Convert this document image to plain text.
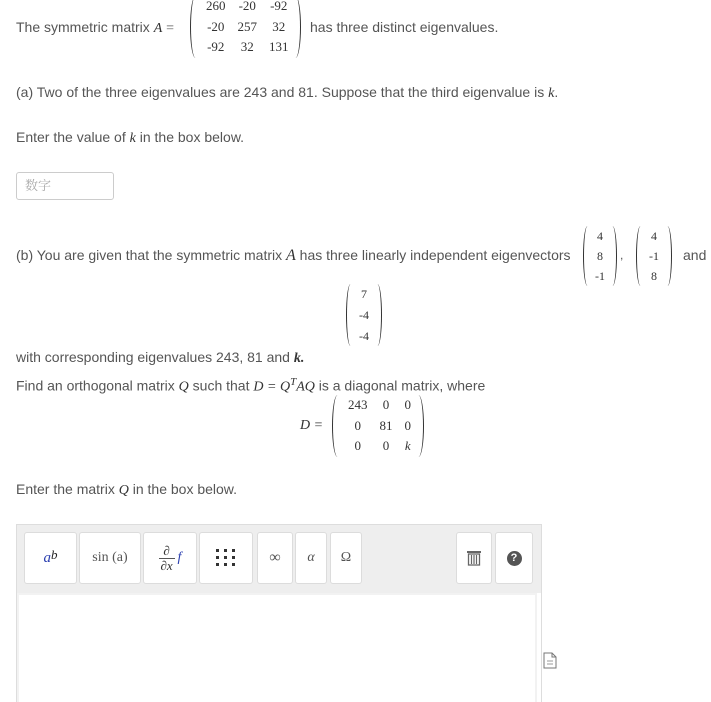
The symmetric matrix A =
260	-20	-92
-20	257	32
-92	32	131
has three distinct eigenvalues.
(a) Two of the three eigenvalues are 243 and 81. Suppose that the third eigenvalue is k.
Enter the value of k in the box below.
数字
(b) You are given that the symmetric matrix A has three linearly independent eigenvectors
4
8
-1
,
4
-1
8
and
7
-4
-4
with corresponding eigenvalues 243, 81 and k.
Find an orthogonal matrix Q such that $D = Q^TAQ$ is a diagonal matrix, where
D =
243	0	0
0	81	0
0	0	k
Enter the matrix Q in the box below.
$a^b$	sin (a)	∂
∂x f	∞	α	Ω	?
